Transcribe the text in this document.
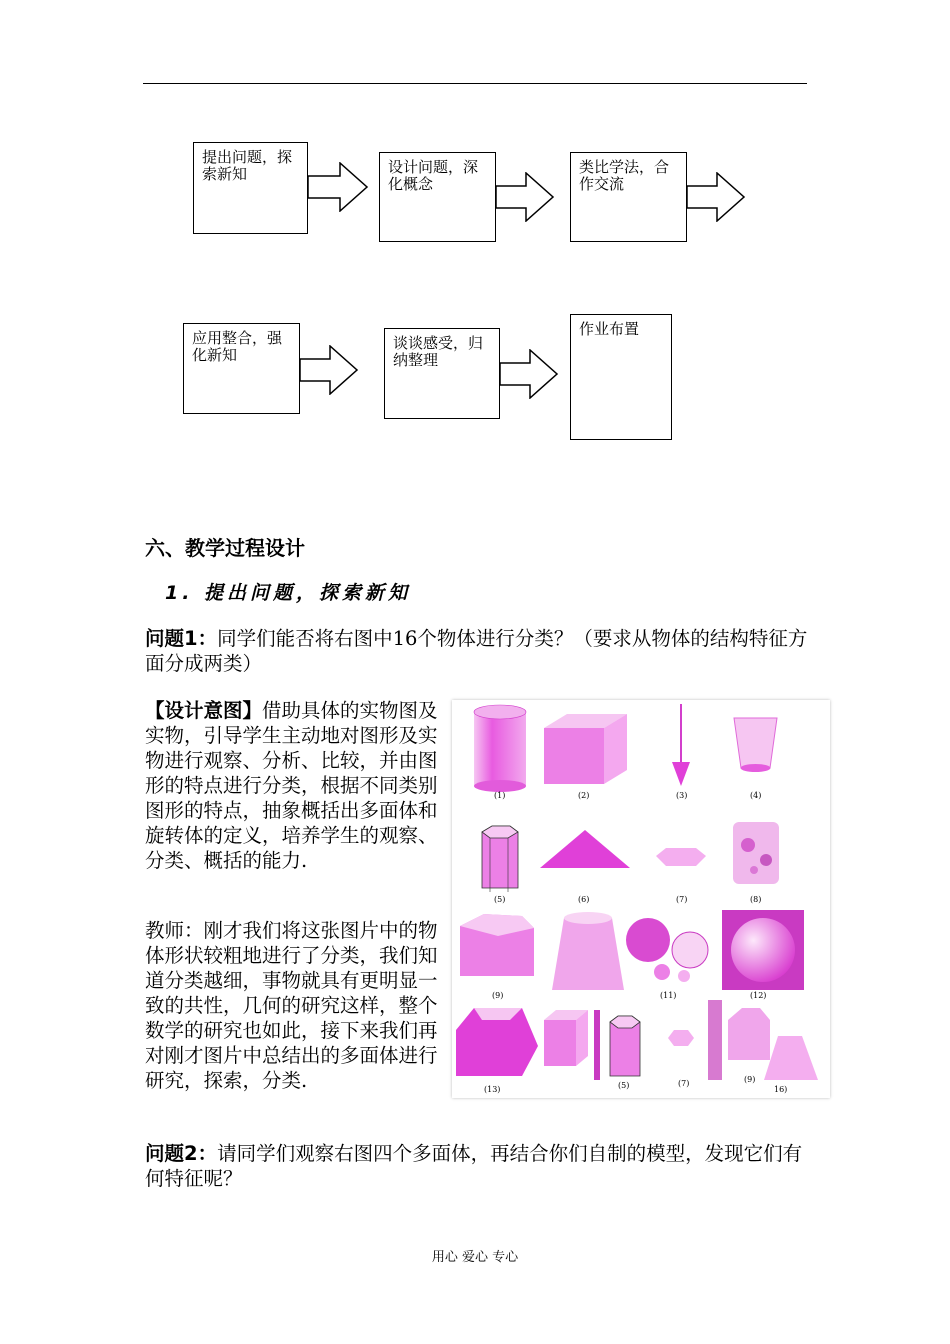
提出问题，探索新知	设计问题，深化概念
类比学法，合作交流
应用整合，强化新知
谈谈感受，归纳整理
作业布置
六、教学过程设计
1. 提出问题，探索新知
问题1：同学们能否将右图中16个物体进行分类？（要求从物体的结构特征方面分成两类）
【设计意图】借助具体的实物图及实物，引导学生主动地对图形及实物进行观察、分析、比较，并由图形的特点进行分类，根据不同类别图形的特点，抽象概括出多面体和旋转体的定义，培养学生的观察、分类、概括的能力.
教师：刚才我们将这张图片中的物体形状较粗地进行了分类，我们知道分类越细，事物就具有更明显一致的共性，几何的研究这样，整个数学的研究也如此，接下来我们再对刚才图片中总结出的多面体进行研究，探索，分类.
问题2：请同学们观察右图四个多面体，再结合你们自制的模型，发现它们有何特征呢？
(1)	(2)	(3)	(4)
(5)	(6)	(7)	(8)
(9)	(11)	(12)
(13)	(5)	(7)	(9)
16)
用心 爱心 专心
